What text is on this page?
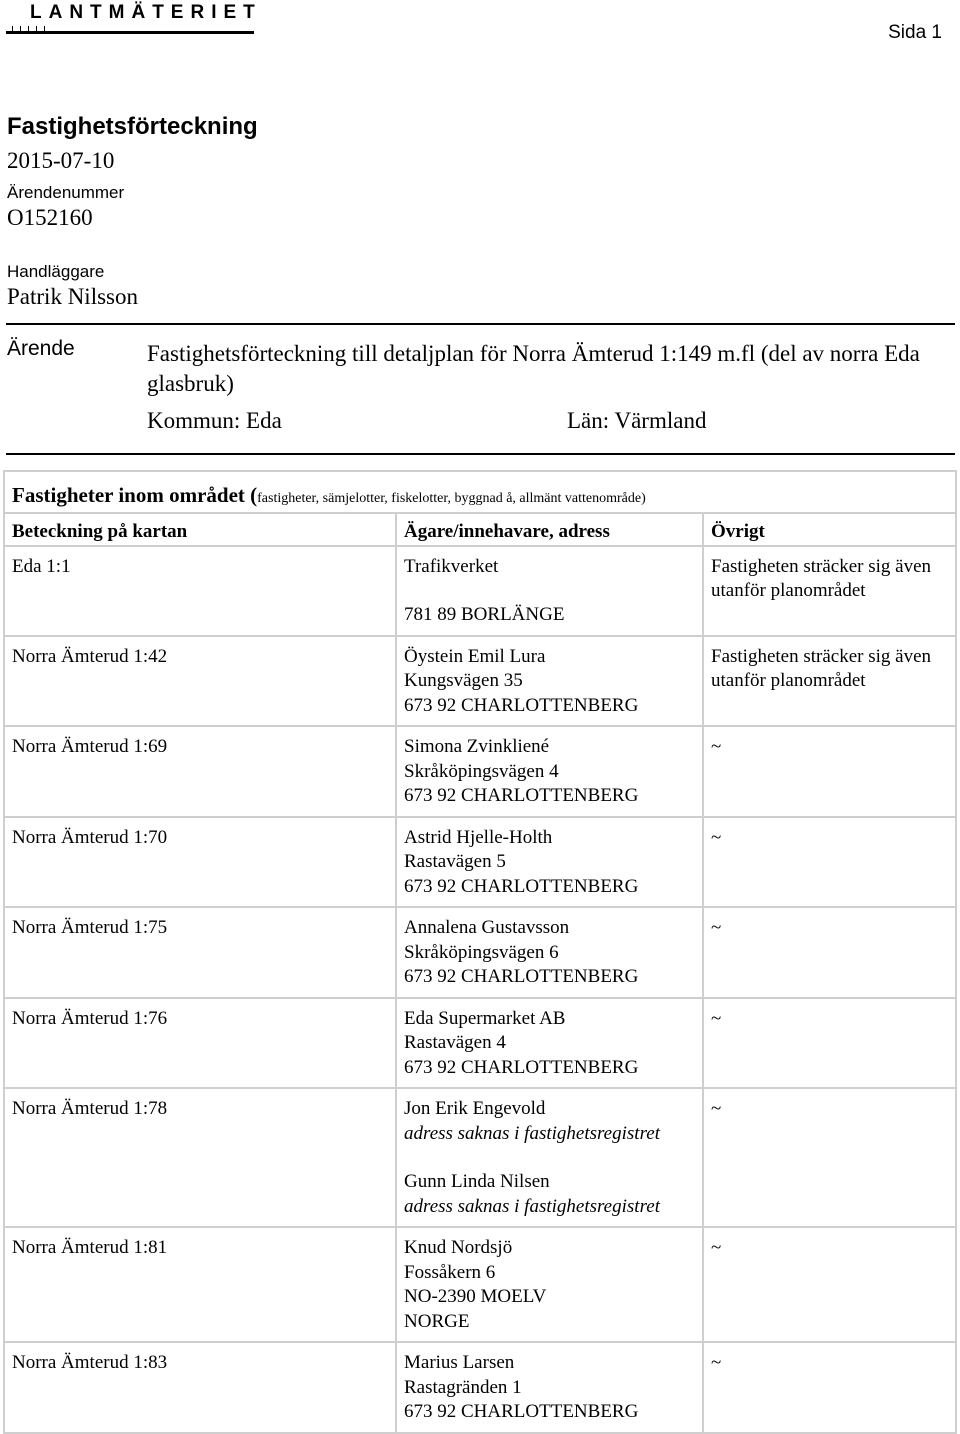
LANTMÄTERIET
Sida 1
Fastighetsförteckning
2015-07-10
Ärendenummer
O152160
Handläggare
Patrik Nilsson
Ärende	Fastighetsförteckning till detaljplan för Norra Ämterud 1:149 m.fl (del av norra Eda glasbruk)
Kommun: Eda	Län: Värmland
Fastigheter inom området (fastigheter, sämjelotter, fiskelotter, byggnad å, allmänt vattenområde)		
Beteckning på kartan	Ägare/innehavare, adress	Övrigt
Eda 1:1	Trafikverket
781 89 BORLÄNGE	Fastigheten sträcker sig även utanför planområdet
Norra Ämterud 1:42	Öystein Emil Lura
Kungsvägen 35
673 92 CHARLOTTENBERG	Fastigheten sträcker sig även utanför planområdet
Norra Ämterud 1:69	Simona Zvinkliené
Skråköpingsvägen 4
673 92 CHARLOTTENBERG	~
Norra Ämterud 1:70	Astrid Hjelle-Holth
Rastavägen 5
673 92 CHARLOTTENBERG	~
Norra Ämterud 1:75	Annalena Gustavsson
Skråköpingsvägen 6
673 92 CHARLOTTENBERG	~
Norra Ämterud 1:76	Eda Supermarket AB
Rastavägen 4
673 92 CHARLOTTENBERG	~
Norra Ämterud 1:78	Jon Erik Engevold
adress saknas i fastighetsregistret
Gunn Linda Nilsen
adress saknas i fastighetsregistret	~
Norra Ämterud 1:81	Knud Nordsjö
Fossåkern 6
NO-2390 MOELV
NORGE	~
Norra Ämterud 1:83	Marius Larsen
Rastagränden 1
673 92 CHARLOTTENBERG	~
